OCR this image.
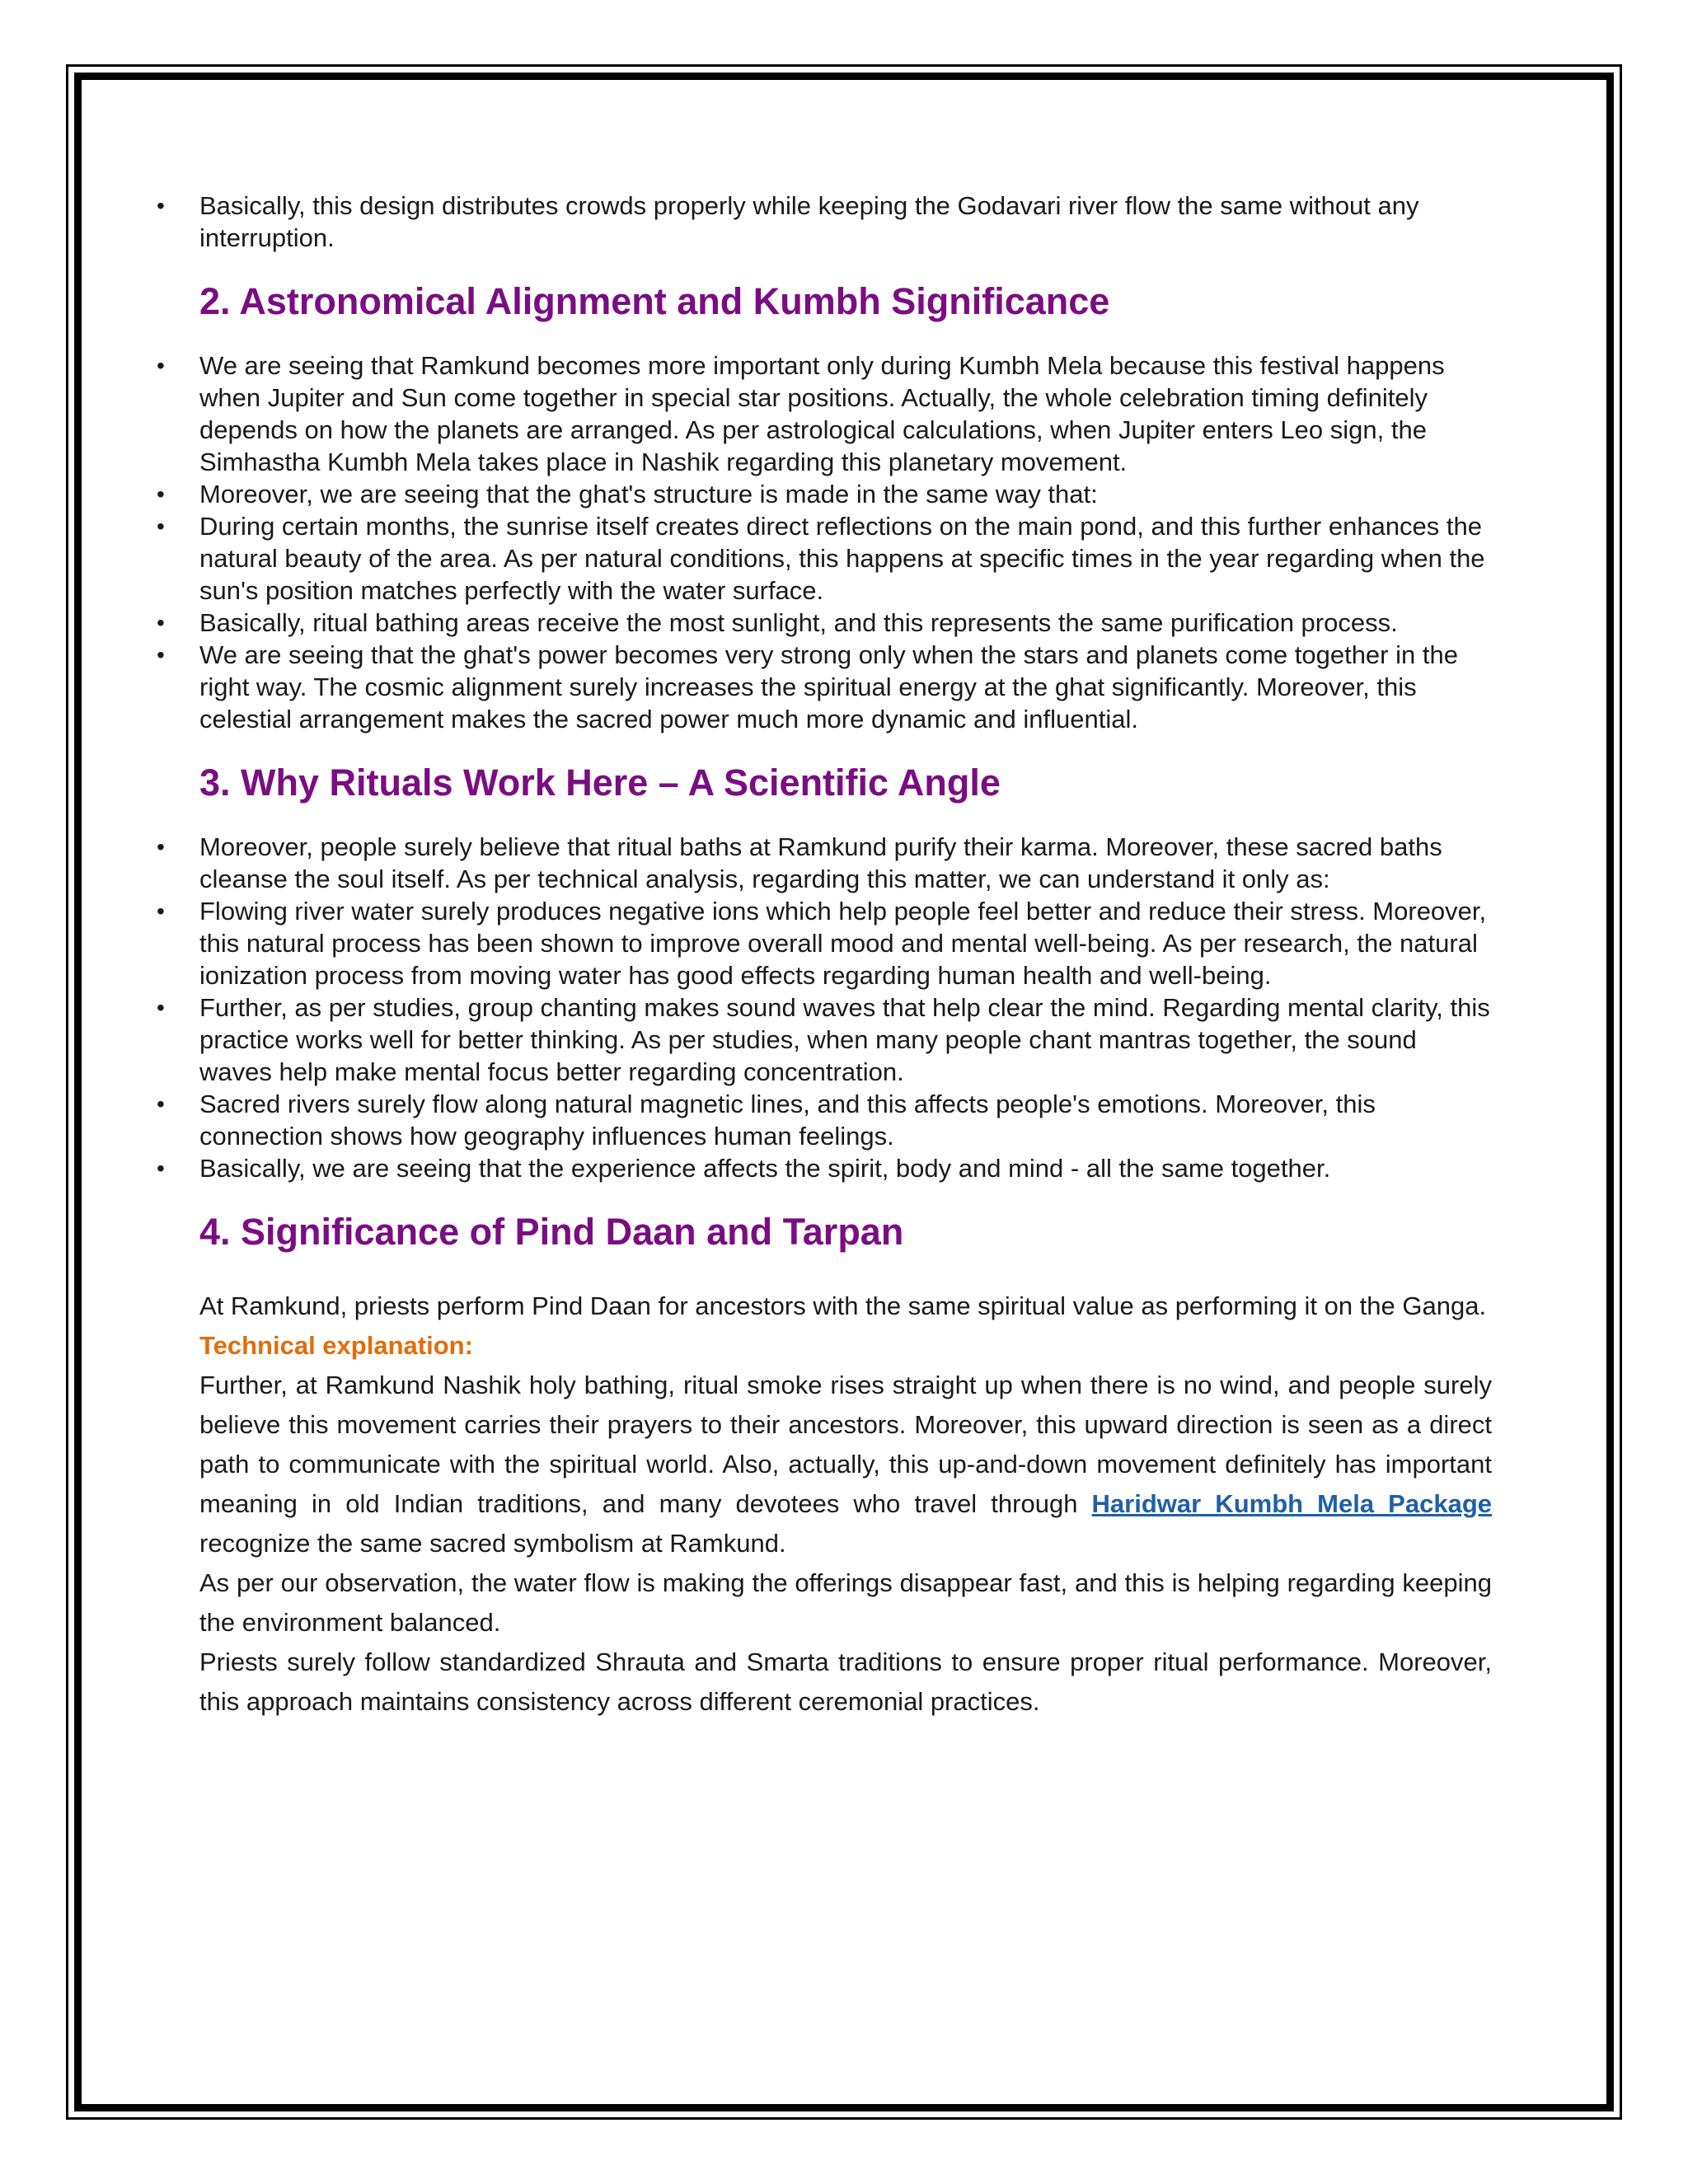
• Basically, this design distributes crowds properly while keeping the Godavari river flow the same without any interruption.
2. Astronomical Alignment and Kumbh Significance
• We are seeing that Ramkund becomes more important only during Kumbh Mela because this festival happens when Jupiter and Sun come together in special star positions. Actually, the whole celebration timing definitely depends on how the planets are arranged. As per astrological calculations, when Jupiter enters Leo sign, the Simhastha Kumbh Mela takes place in Nashik regarding this planetary movement.
• Moreover, we are seeing that the ghat's structure is made in the same way that:
• During certain months, the sunrise itself creates direct reflections on the main pond, and this further enhances the natural beauty of the area. As per natural conditions, this happens at specific times in the year regarding when the sun's position matches perfectly with the water surface.
• Basically, ritual bathing areas receive the most sunlight, and this represents the same purification process.
• We are seeing that the ghat's power becomes very strong only when the stars and planets come together in the right way. The cosmic alignment surely increases the spiritual energy at the ghat significantly. Moreover, this celestial arrangement makes the sacred power much more dynamic and influential.
3. Why Rituals Work Here – A Scientific Angle
• Moreover, people surely believe that ritual baths at Ramkund purify their karma. Moreover, these sacred baths cleanse the soul itself. As per technical analysis, regarding this matter, we can understand it only as:
• Flowing river water surely produces negative ions which help people feel better and reduce their stress. Moreover, this natural process has been shown to improve overall mood and mental well-being. As per research, the natural ionization process from moving water has good effects regarding human health and well-being.
• Further, as per studies, group chanting makes sound waves that help clear the mind. Regarding mental clarity, this practice works well for better thinking. As per studies, when many people chant mantras together, the sound waves help make mental focus better regarding concentration.
• Sacred rivers surely flow along natural magnetic lines, and this affects people's emotions. Moreover, this connection shows how geography influences human feelings.
• Basically, we are seeing that the experience affects the spirit, body and mind - all the same together.
4. Significance of Pind Daan and Tarpan

At Ramkund, priests perform Pind Daan for ancestors with the same spiritual value as performing it on the Ganga.

Technical explanation:

Further, at Ramkund Nashik holy bathing, ritual smoke rises straight up when there is no wind, and people surely believe this movement carries their prayers to their ancestors. Moreover, this upward direction is seen as a direct path to communicate with the spiritual world. Also, actually, this up-and-down movement definitely has important meaning in old Indian traditions, and many devotees who travel through Haridwar Kumbh Mela Package recognize the same sacred symbolism at Ramkund.

As per our observation, the water flow is making the offerings disappear fast, and this is helping regarding keeping the environment balanced.

Priests surely follow standardized Shrauta and Smarta traditions to ensure proper ritual performance. Moreover, this approach maintains consistency across different ceremonial practices.
